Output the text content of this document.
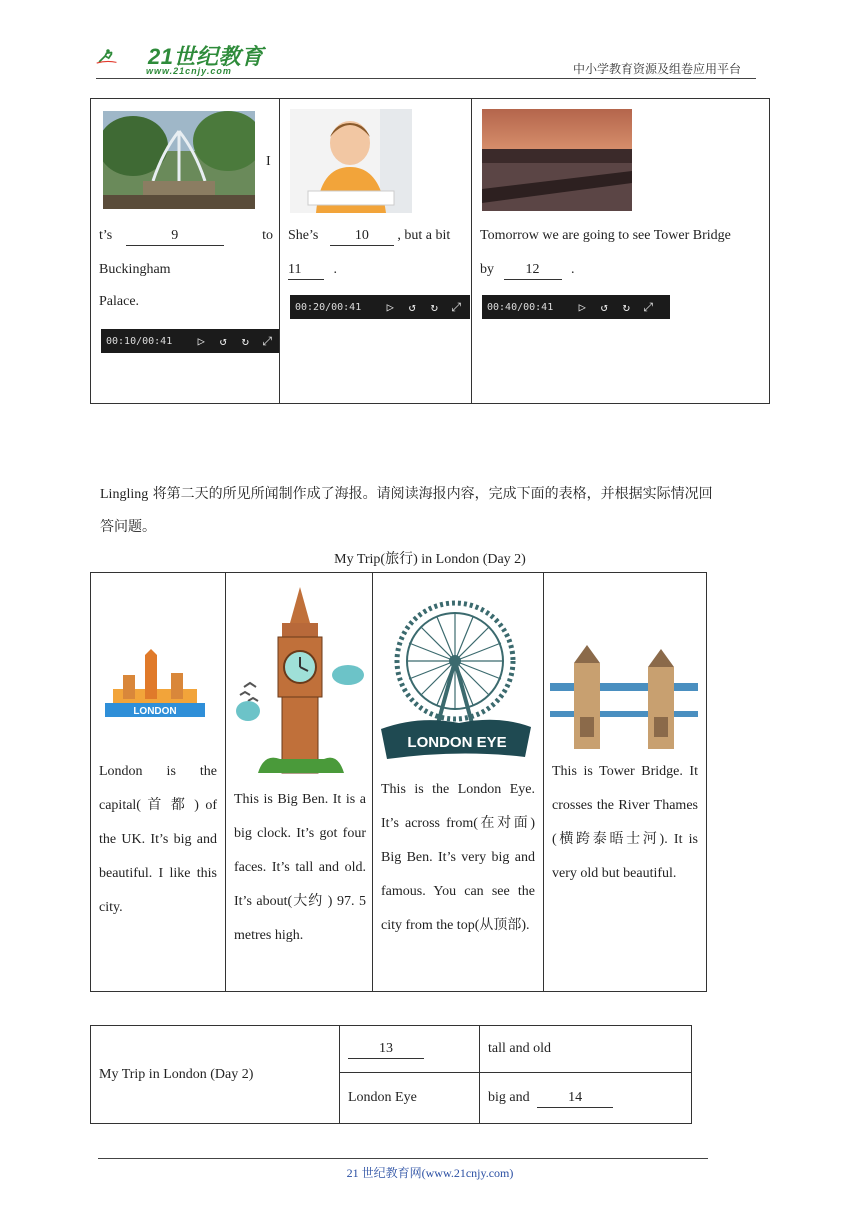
21世纪教育
www.21cnjy.com	中小学教育资源及组卷应用平台
I
t’s	9	to
Buckingham
Palace.
00:10/00:41	▷	↺	↻	⤢

She’s	10 , but a bit
11 .
00:20/00:41	▷	↺	↻	⤢

Tomorrow we are going to see Tower Bridge
by 12 .
00:40/00:41	▷	↺	↻	⤢
Lingling 将第二天的所见所闻制作成了海报。请阅读海报内容，完成下面的表格，并根据实际情况回
答问题。
My Trip(旅行) in London (Day 2)
LONDON
London is the capital( 首 都 ) of the UK. It’s big and beautiful. I like this city.

This is Big Ben. It is a big clock. It’s got four faces. It’s tall and old. It’s about(大约 ) 97. 5 metres high.

LONDON EYE
This is the London Eye. It’s across from(在对面) Big Ben. It’s very big and famous. You can see the city from the top(从顶部).

This is Tower Bridge. It crosses the River Thames (横跨泰晤士河). It is very old but beautiful.
My Trip in London (Day 2)	13	tall and old
	London Eye	big and 14
21 世纪教育网(www.21cnjy.com)
